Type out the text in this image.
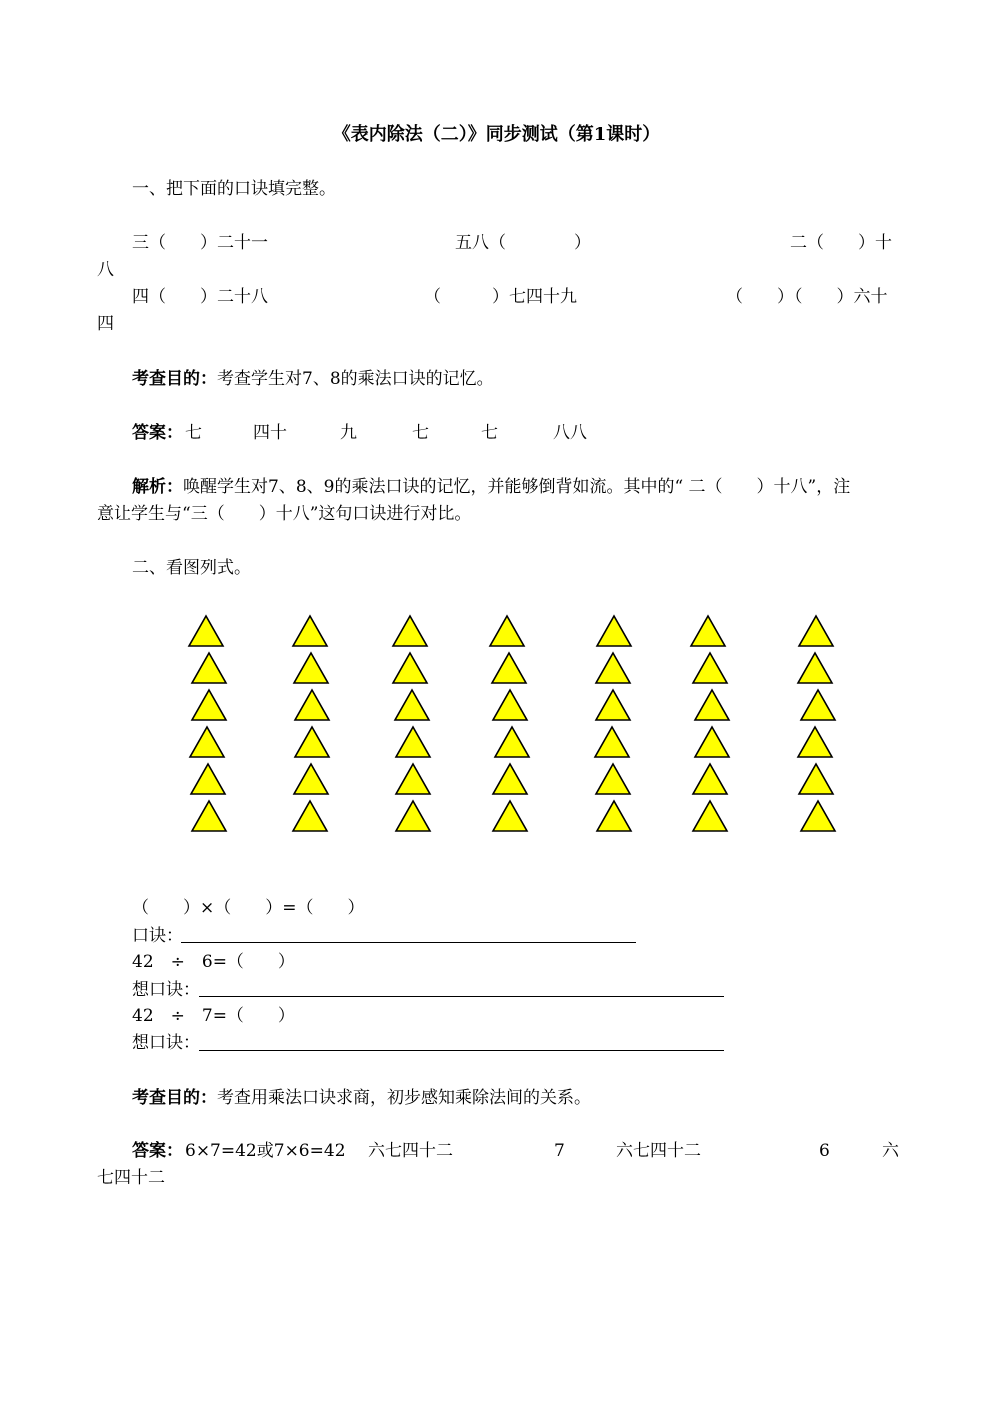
《表内除法（二）》同步测试（第1课时）
一、把下面的口诀填完整。
三（　　）二十一	五八（　　　　）	二（　　）十
八
四（　　）二十八	（　　　）七四十九	（　　）（　　）六十
四
考查目的：考查学生对7、8的乘法口诀的记忆。
答案： 七	四十	九	七	七	八八
解析：唤醒学生对7、8、9的乘法口诀的记忆，并能够倒背如流。其中的“ 二（　　）十八”，注
意让学生与“三（　　）十八”这句口诀进行对比。
二、看图列式。
（　　）×（　　）=（　　）
口诀：
42　÷　6=（　　）
想口诀：
42　÷　7=（　　）
想口诀：
考查目的：考查用乘法口诀求商，初步感知乘除法间的关系。
答案： 6×7=42或7×6=42 六七四十二	7	六七四十二	6	六
七四十二
